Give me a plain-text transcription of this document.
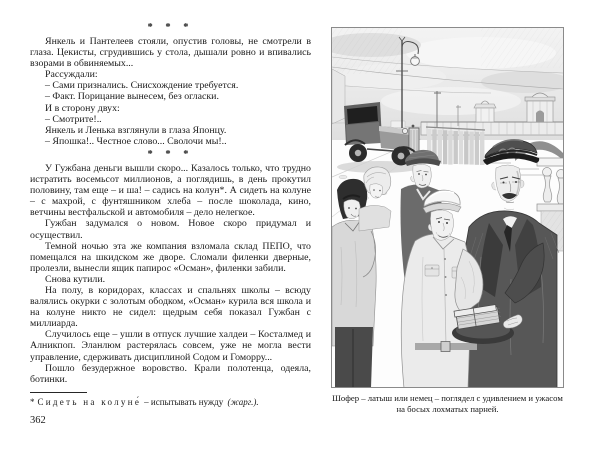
* * *

Янкель и Пантелеев стояли, опустив головы, не смотрели в глаза. Цекисты, сгрудившись у стола, дышали ровно и впивались взорами в обвиняемых...

Рассуждали:

– Сами признались. Снисхождение требуется.

– Факт. Порицание вынесем, без огласки.

И в сторону двух:

– Смотрите!..

Янкель и Ленька взглянули в глаза Японцу.

– Япошка!.. Честное слово... Сволочи мы!..

* * *

У Гужбана деньги вышли скоро... Казалось только, что трудно истратить восемьсот миллионов, а поглядишь, в день прокутил половину, там еще – и ша! – садись на колун*. А сидеть на колуне – с махрой, с фунтяшником хлеба – после шоколада, кино, ветчины вестфальской и автомобиля – дело нелегкое.

Гужбан задумался о новом. Новое скоро придумал и осуществил.

Темной ночью эта же компания взломала склад ПЕПО, что помещался на шкидском же дворе. Сломали филенки дверные, пролезли, вынесли ящик папирос «Осман», филенки забили.

Снова кутили.

На полу, в коридорах, классах и спальнях школы – всюду валялись окурки с золотым ободком, «Осман» курила вся школа и на колуне никто не сидел: щедрым себя показал Гужбан с миллиарда.

Случилось еще – ушли в отпуск лучшие халдеи – Косталмед и Алникпоп. Эланлюм растерялась совсем, уже не могла вести управление, сдерживать дисциплиной Содом и Гоморру...

Пошло безудержное воровство. Крали полотенца, одеяла, ботинки.

* Сидеть на колуне́ – испытывать нужду (жарг.).
362
Шофер – латыш или немец – поглядел с удивлением и ужасом
на босых лохматых парней.
